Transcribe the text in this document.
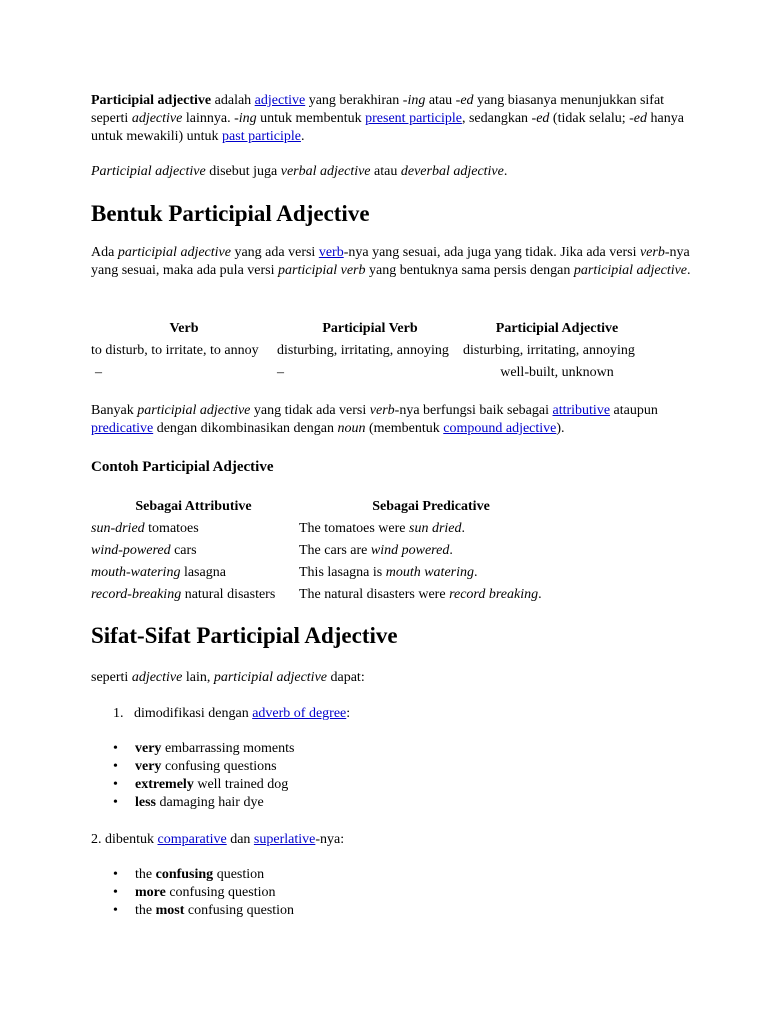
Participial adjective adalah adjective yang berakhiran -ing atau -ed yang biasanya menunjukkan sifat seperti adjective lainnya. -ing untuk membentuk present participle, sedangkan -ed (tidak selalu; -ed hanya untuk mewakili) untuk past participle.

Participial adjective disebut juga verbal adjective atau deverbal adjective.

Bentuk Participial Adjective

Ada participial adjective yang ada versi verb-nya yang sesuai, ada juga yang tidak. Jika ada versi verb-nya yang sesuai, maka ada pula versi participial verb yang bentuknya sama persis dengan participial adjective.

Verb	Participial Verb	Participial Adjective
to disturb, to irritate, to annoy	disturbing, irritating, annoying	disturbing, irritating, annoying
–	–	well-built, unknown

Banyak participial adjective yang tidak ada versi verb-nya berfungsi baik sebagai attributive ataupun predicative dengan dikombinasikan dengan noun (membentuk compound adjective).

Contoh Participial Adjective
Sebagai Attributive	Sebagai Predicative
sun-dried tomatoes	The tomatoes were sun dried.
wind-powered cars	The cars are wind powered.
mouth-watering lasagna	This lasagna is mouth watering.
record-breaking natural disasters	The natural disasters were record breaking.
Sifat-Sifat Participial Adjective

seperti adjective lain, participial adjective dapat:

1. dimodifikasi dengan adverb of degree:

• very embarrassing moments
• very confusing questions
• extremely well trained dog
• less damaging hair dye

2. dibentuk comparative dan superlative-nya:

• the confusing question
• more confusing question
• the most confusing question
